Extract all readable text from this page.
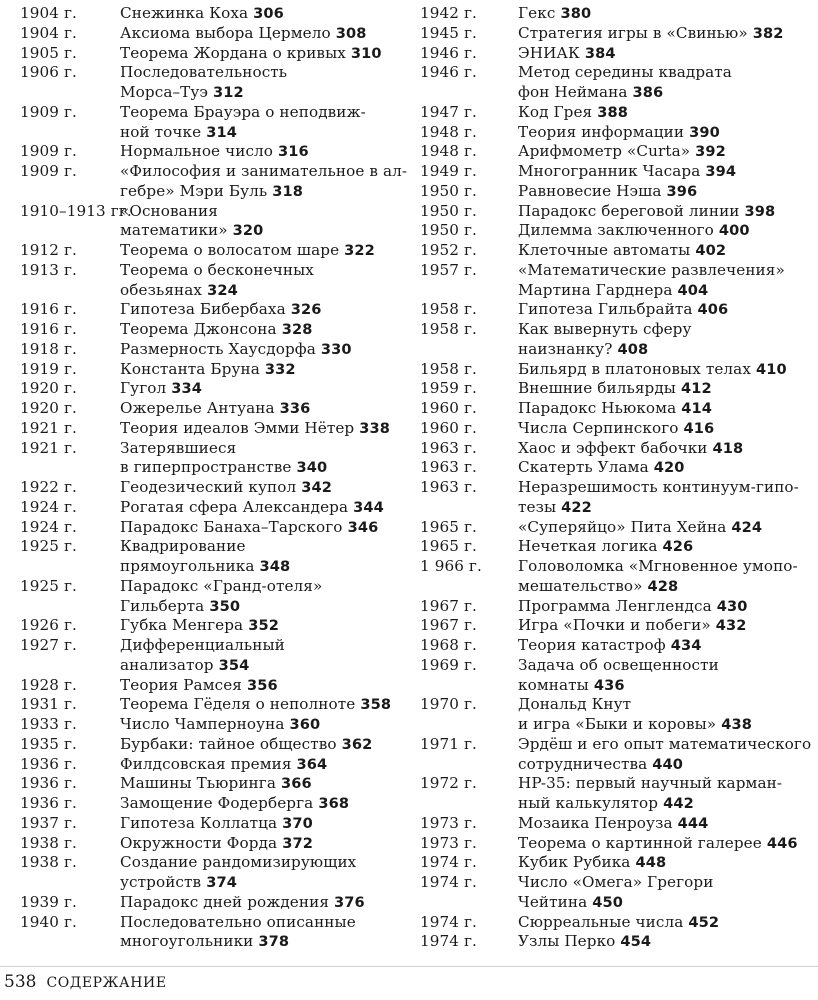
1904 г.	Снежинка Коха 306
1904 г.	Аксиома выбора Цермело 308
1905 г.	Теорема Жордана о кривых 310
1906 г.	Последовательность
Морса–Туэ 312
1909 г.	Теорема Брауэра о неподвиж-
ной точке 314
1909 г.	Нормальное число 316
1909 г.	«Философия и занимательное в ал-
гебре» Мэри Буль 318
1910–1913 гг.
«Основания
математики» 320
1912 г.	Теорема о волосатом шаре 322
1913 г.	Теорема о бесконечных
обезьянах 324
1916 г.	Гипотеза Бибербаха 326
1916 г.	Теорема Джонсона 328
1918 г.	Размерность Хаусдорфа 330
1919 г.	Константа Бруна 332
1920 г.	Гугол 334
1920 г.	Ожерелье Антуана 336
1921 г.	Теория идеалов Эмми Нётер 338
1921 г.	Затерявшиеся
в гиперпространстве 340
1922 г.	Геодезический купол 342
1924 г.	Рогатая сфера Александера 344
1924 г.	Парадокс Банаха–Тарского 346
1925 г.	Квадрирование
прямоугольника 348
1925 г.	Парадокс «Гранд-отеля»
Гильберта 350
1926 г.	Губка Менгера 352
1927 г.	Дифференциальный
анализатор 354
1928 г.	Теория Рамсея 356
1931 г.	Теорема Гёделя о неполноте 358
1933 г.	Число Чамперноуна 360
1935 г.	Бурбаки: тайное общество 362
1936 г.	Филдсовская премия 364
1936 г.	Машины Тьюринга 366
1936 г.	Замощение Фодерберга 368
1937 г.	Гипотеза Коллатца 370
1938 г.	Окружности Форда 372
1938 г.	Создание рандомизирующих
устройств 374
1939 г.	Парадокс дней рождения 376
1940 г.	Последовательно описанные
многоугольники 378
1942 г.	Гекс 380
1945 г.	Стратегия игры в «Свинью» 382
1946 г.	ЭНИАК 384
1946 г.	Метод середины квадрата
фон Неймана 386
1947 г.	Код Грея 388
1948 г.	Теория информации 390
1948 г.	Арифмометр «Curta» 392
1949 г.	Многогранник Часара 394
1950 г.	Равновесие Нэша 396
1950 г.	Парадокс береговой линии 398
1950 г.	Дилемма заключенного 400
1952 г.	Клеточные автоматы 402
1957 г.	«Математические развлечения»
Мартина Гарднера 404
1958 г.	Гипотеза Гильбрайта 406
1958 г.	Как вывернуть сферу
наизнанку? 408
1958 г.	Бильярд в платоновых телах 410
1959 г.	Внешние бильярды 412
1960 г.	Парадокс Ньюкома 414
1960 г.	Числа Серпинского 416
1963 г.	Хаос и эффект бабочки 418
1963 г.	Скатерть Улама 420
1963 г.	Неразрешимость континуум-гипо-
тезы 422
1965 г.	«Суперяйцо» Пита Хейна 424
1965 г.	Нечеткая логика 426
1 966 г.	Головоломка «Мгновенное умопо-
мешательство» 428
1967 г.	Программа Ленглендса 430
1967 г.	Игра «Почки и побеги» 432
1968 г.	Теория катастроф 434
1969 г.	Задача об освещенности
комнаты 436
1970 г.	Дональд Кнут
и игра «Быки и коровы» 438
1971 г.	Эрдёш и его опыт математического
сотрудничества 440
1972 г.	HP-35: первый научный карман-
ный калькулятор 442
1973 г.	Мозаика Пенроуза 444
1973 г.	Теорема о картинной галерее 446
1974 г.	Кубик Рубика 448
1974 г.	Число «Омега» Грегори
Чейтина 450
1974 г.	Сюрреальные числа 452
1974 г.	Узлы Перко 454
538 СОДЕРЖАНИЕ
